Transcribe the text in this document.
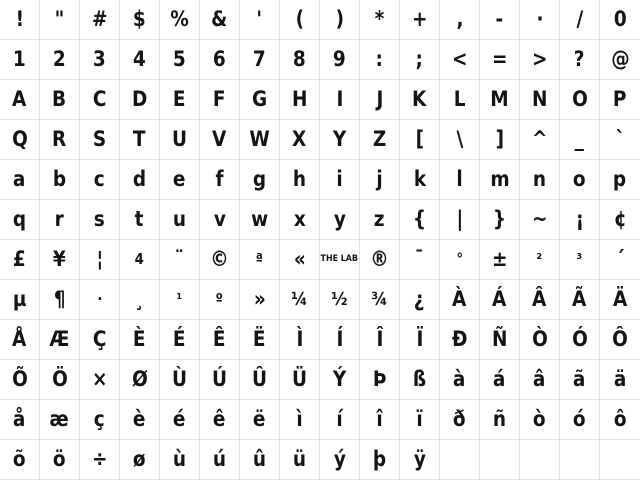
! " # $ % & ' ( ) * + , - · / 0
1 2 3 4 5 6 7 8 9 : ; < = > ? @
A B C D E F G H I J K L M N O P
Q R S T U V W X Y Z [ \ ] ^ _ `
a b c d e f g h i j k l m n o p
q r s t u v w x y z { | } ~ ¡ ¢
£ ¥ ¦ 4 ¨ © ª « THE LAB ® ¯ ° ± ² ³ ´
µ ¶ · ¸ ¹ º » ¼ ½ ¾ ¿ À Á Â Ã Ä
Å Æ Ç È É Ê Ë Ì Í Î Ï Ð Ñ Ò Ó Ô
Õ Ö × Ø Ù Ú Û Ü Ý Þ ß à á â ã ä
å æ ç è é ê ë ì í î ï ð ñ ò ó ô
õ ö ÷ ø ù ú û ü ý þ ÿ
